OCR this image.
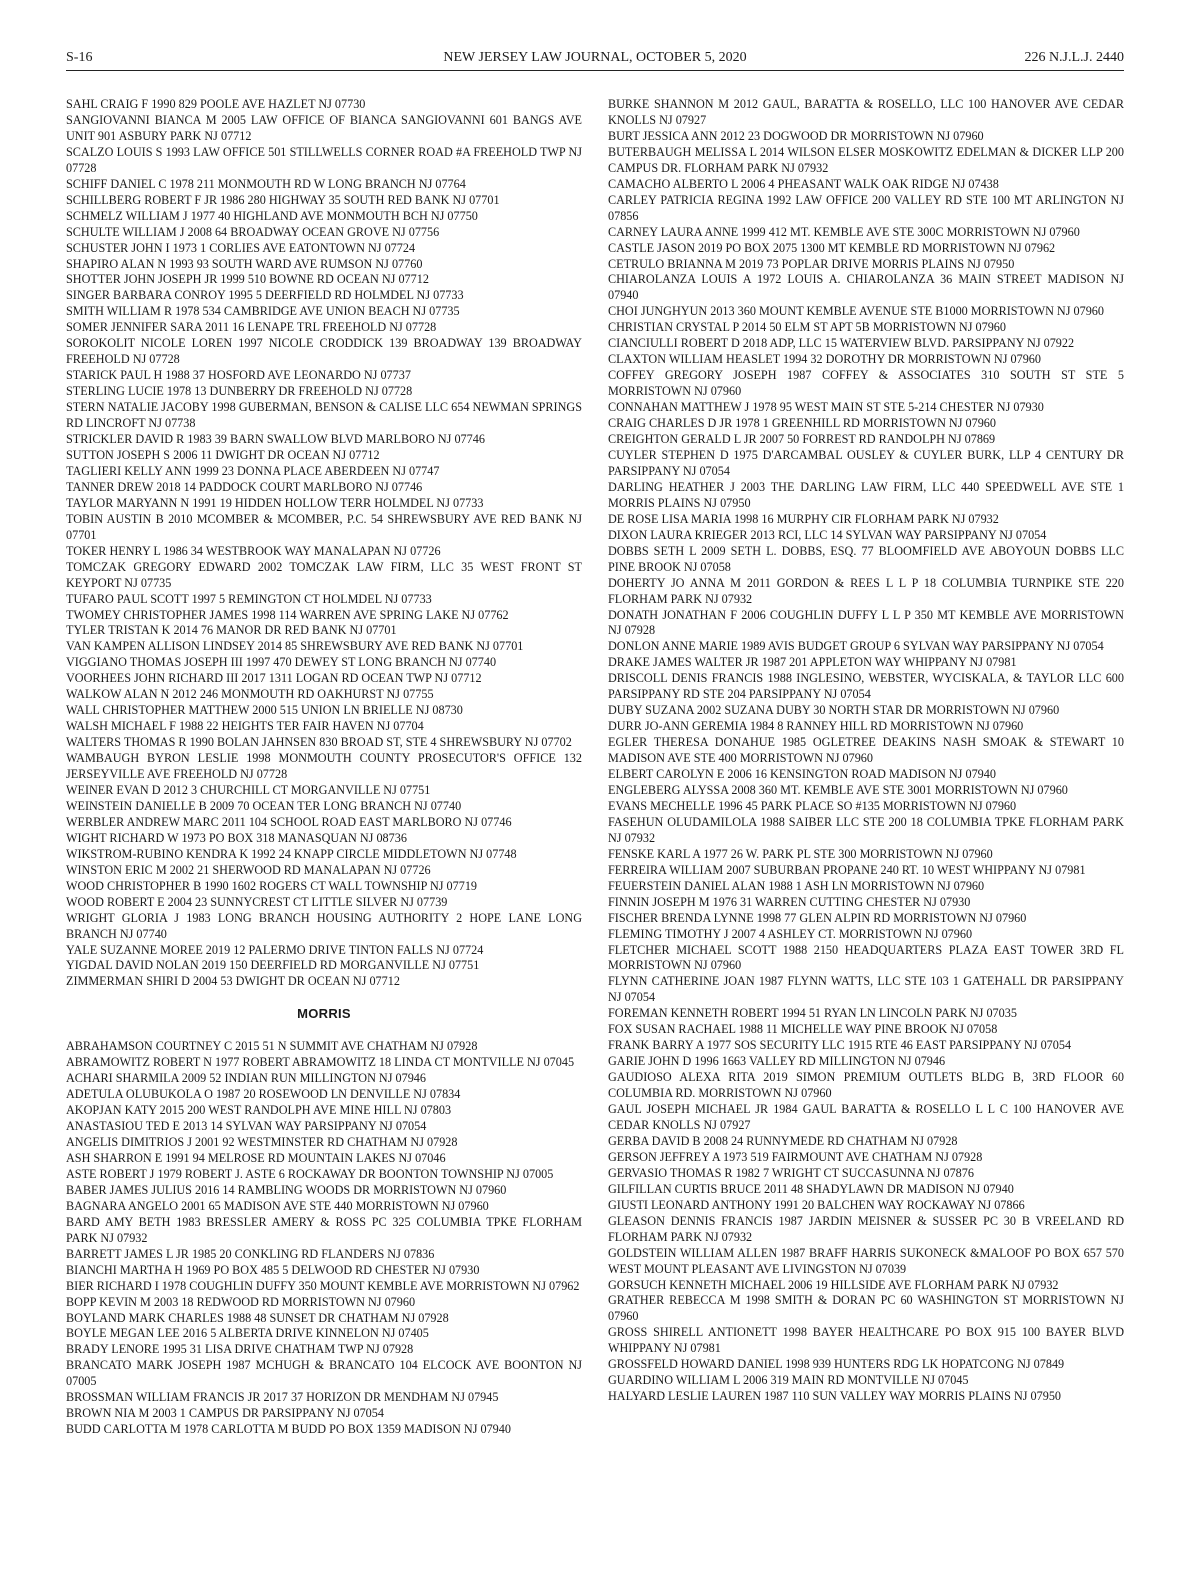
S-16	NEW JERSEY LAW JOURNAL, OCTOBER 5, 2020	226 N.J.L.J. 2440

SAHL CRAIG F 1990 829 POOLE AVE HAZLET NJ 07730

SANGIOVANNI BIANCA M 2005 LAW OFFICE OF BIANCA SANGIOVANNI 601 BANGS AVE UNIT 901 ASBURY PARK NJ 07712

SCALZO LOUIS S 1993 LAW OFFICE 501 STILLWELLS CORNER ROAD #A FREEHOLD TWP NJ 07728

SCHIFF DANIEL C 1978 211 MONMOUTH RD W LONG BRANCH NJ 07764

SCHILLBERG ROBERT F JR 1986 280 HIGHWAY 35 SOUTH RED BANK NJ 07701

SCHMELZ WILLIAM J 1977 40 HIGHLAND AVE MONMOUTH BCH NJ 07750

SCHULTE WILLIAM J 2008 64 BROADWAY OCEAN GROVE NJ 07756

SCHUSTER JOHN I 1973 1 CORLIES AVE EATONTOWN NJ 07724

SHAPIRO ALAN N 1993 93 SOUTH WARD AVE RUMSON NJ 07760

SHOTTER JOHN JOSEPH JR 1999 510 BOWNE RD OCEAN NJ 07712

SINGER BARBARA CONROY 1995 5 DEERFIELD RD HOLMDEL NJ 07733

SMITH WILLIAM R 1978 534 CAMBRIDGE AVE UNION BEACH NJ 07735

SOMER JENNIFER SARA 2011 16 LENAPE TRL FREEHOLD NJ 07728

SOROKOLIT NICOLE LOREN 1997 NICOLE CRODDICK 139 BROADWAY 139 BROADWAY FREEHOLD NJ 07728

STARICK PAUL H 1988 37 HOSFORD AVE LEONARDO NJ 07737

STERLING LUCIE 1978 13 DUNBERRY DR FREEHOLD NJ 07728

STERN NATALIE JACOBY 1998 GUBERMAN, BENSON & CALISE LLC 654 NEWMAN SPRINGS RD LINCROFT NJ 07738

STRICKLER DAVID R 1983 39 BARN SWALLOW BLVD MARLBORO NJ 07746

SUTTON JOSEPH S 2006 11 DWIGHT DR OCEAN NJ 07712

TAGLIERI KELLY ANN 1999 23 DONNA PLACE ABERDEEN NJ 07747

TANNER DREW 2018 14 PADDOCK COURT MARLBORO NJ 07746

TAYLOR MARYANN N 1991 19 HIDDEN HOLLOW TERR HOLMDEL NJ 07733

TOBIN AUSTIN B 2010 MCOMBER & MCOMBER, P.C. 54 SHREWSBURY AVE RED BANK NJ 07701

TOKER HENRY L 1986 34 WESTBROOK WAY MANALAPAN NJ 07726

TOMCZAK GREGORY EDWARD 2002 TOMCZAK LAW FIRM, LLC 35 WEST FRONT ST KEYPORT NJ 07735

TUFARO PAUL SCOTT 1997 5 REMINGTON CT HOLMDEL NJ 07733

TWOMEY CHRISTOPHER JAMES 1998 114 WARREN AVE SPRING LAKE NJ 07762

TYLER TRISTAN K 2014 76 MANOR DR RED BANK NJ 07701

VAN KAMPEN ALLISON LINDSEY 2014 85 SHREWSBURY AVE RED BANK NJ 07701

VIGGIANO THOMAS JOSEPH III 1997 470 DEWEY ST LONG BRANCH NJ 07740

VOORHEES JOHN RICHARD III 2017 1311 LOGAN RD OCEAN TWP NJ 07712

WALKOW ALAN N 2012 246 MONMOUTH RD OAKHURST NJ 07755

WALL CHRISTOPHER MATTHEW 2000 515 UNION LN BRIELLE NJ 08730

WALSH MICHAEL F 1988 22 HEIGHTS TER FAIR HAVEN NJ 07704

WALTERS THOMAS R 1990 BOLAN JAHNSEN 830 BROAD ST, STE 4 SHREWSBURY NJ 07702

WAMBAUGH BYRON LESLIE 1998 MONMOUTH COUNTY PROSECUTOR'S OFFICE 132 JERSEYVILLE AVE FREEHOLD NJ 07728

WEINER EVAN D 2012 3 CHURCHILL CT MORGANVILLE NJ 07751

WEINSTEIN DANIELLE B 2009 70 OCEAN TER LONG BRANCH NJ 07740

WERBLER ANDREW MARC 2011 104 SCHOOL ROAD EAST MARLBORO NJ 07746

WIGHT RICHARD W 1973 PO BOX 318 MANASQUAN NJ 08736

WIKSTROM-RUBINO KENDRA K 1992 24 KNAPP CIRCLE MIDDLETOWN NJ 07748

WINSTON ERIC M 2002 21 SHERWOOD RD MANALAPAN NJ 07726

WOOD CHRISTOPHER B 1990 1602 ROGERS CT WALL TOWNSHIP NJ 07719

WOOD ROBERT E 2004 23 SUNNYCREST CT LITTLE SILVER NJ 07739

WRIGHT GLORIA J 1983 LONG BRANCH HOUSING AUTHORITY 2 HOPE LANE LONG BRANCH NJ 07740

YALE SUZANNE MOREE 2019 12 PALERMO DRIVE TINTON FALLS NJ 07724

YIGDAL DAVID NOLAN 2019 150 DEERFIELD RD MORGANVILLE NJ 07751

ZIMMERMAN SHIRI D 2004 53 DWIGHT DR OCEAN NJ 07712

MORRIS

ABRAHAMSON COURTNEY C 2015 51 N SUMMIT AVE CHATHAM NJ 07928

ABRAMOWITZ ROBERT N 1977 ROBERT ABRAMOWITZ 18 LINDA CT MONTVILLE NJ 07045

ACHARI SHARMILA 2009 52 INDIAN RUN MILLINGTON NJ 07946

ADETULA OLUBUKOLA O 1987 20 ROSEWOOD LN DENVILLE NJ 07834

AKOPJAN KATY 2015 200 WEST RANDOLPH AVE MINE HILL NJ 07803

ANASTASIOU TED E 2013 14 SYLVAN WAY PARSIPPANY NJ 07054

ANGELIS DIMITRIOS J 2001 92 WESTMINSTER RD CHATHAM NJ 07928

ASH SHARRON E 1991 94 MELROSE RD MOUNTAIN LAKES NJ 07046

ASTE ROBERT J 1979 ROBERT J. ASTE 6 ROCKAWAY DR BOONTON TOWNSHIP NJ 07005

BABER JAMES JULIUS 2016 14 RAMBLING WOODS DR MORRISTOWN NJ 07960

BAGNARA ANGELO 2001 65 MADISON AVE STE 440 MORRISTOWN NJ 07960

BARD AMY BETH 1983 BRESSLER AMERY & ROSS PC 325 COLUMBIA TPKE FLORHAM PARK NJ 07932

BARRETT JAMES L JR 1985 20 CONKLING RD FLANDERS NJ 07836

BIANCHI MARTHA H 1969 PO BOX 485 5 DELWOOD RD CHESTER NJ 07930

BIER RICHARD I 1978 COUGHLIN DUFFY 350 MOUNT KEMBLE AVE MORRISTOWN NJ 07962

BOPP KEVIN M 2003 18 REDWOOD RD MORRISTOWN NJ 07960

BOYLAND MARK CHARLES 1988 48 SUNSET DR CHATHAM NJ 07928

BOYLE MEGAN LEE 2016 5 ALBERTA DRIVE KINNELON NJ 07405

BRADY LENORE 1995 31 LISA DRIVE CHATHAM TWP NJ 07928

BRANCATO MARK JOSEPH 1987 MCHUGH & BRANCATO 104 ELCOCK AVE BOONTON NJ 07005

BROSSMAN WILLIAM FRANCIS JR 2017 37 HORIZON DR MENDHAM NJ 07945

BROWN NIA M 2003 1 CAMPUS DR PARSIPPANY NJ 07054

BUDD CARLOTTA M 1978 CARLOTTA M BUDD PO BOX 1359 MADISON NJ 07940

BURKE SHANNON M 2012 GAUL, BARATTA & ROSELLO, LLC 100 HANOVER AVE CEDAR KNOLLS NJ 07927

BURT JESSICA ANN 2012 23 DOGWOOD DR MORRISTOWN NJ 07960

BUTERBAUGH MELISSA L 2014 WILSON ELSER MOSKOWITZ EDELMAN & DICKER LLP 200 CAMPUS DR. FLORHAM PARK NJ 07932

CAMACHO ALBERTO L 2006 4 PHEASANT WALK OAK RIDGE NJ 07438

CARLEY PATRICIA REGINA 1992 LAW OFFICE 200 VALLEY RD STE 100 MT ARLINGTON NJ 07856

CARNEY LAURA ANNE 1999 412 MT. KEMBLE AVE STE 300C MORRISTOWN NJ 07960

CASTLE JASON 2019 PO BOX 2075 1300 MT KEMBLE RD MORRISTOWN NJ 07962

CETRULO BRIANNA M 2019 73 POPLAR DRIVE MORRIS PLAINS NJ 07950

CHIAROLANZA LOUIS A 1972 LOUIS A. CHIAROLANZA 36 MAIN STREET MADISON NJ 07940

CHOI JUNGHYUN 2013 360 MOUNT KEMBLE AVENUE STE B1000 MORRISTOWN NJ 07960

CHRISTIAN CRYSTAL P 2014 50 ELM ST APT 5B MORRISTOWN NJ 07960

CIANCIULLI ROBERT D 2018 ADP, LLC 15 WATERVIEW BLVD. PARSIPPANY NJ 07922

CLAXTON WILLIAM HEASLET 1994 32 DOROTHY DR MORRISTOWN NJ 07960

COFFEY GREGORY JOSEPH 1987 COFFEY & ASSOCIATES 310 SOUTH ST STE 5 MORRISTOWN NJ 07960

CONNAHAN MATTHEW J 1978 95 WEST MAIN ST STE 5-214 CHESTER NJ 07930

CRAIG CHARLES D JR 1978 1 GREENHILL RD MORRISTOWN NJ 07960

CREIGHTON GERALD L JR 2007 50 FORREST RD RANDOLPH NJ 07869

CUYLER STEPHEN D 1975 D'ARCAMBAL OUSLEY & CUYLER BURK, LLP 4 CENTURY DR PARSIPPANY NJ 07054

DARLING HEATHER J 2003 THE DARLING LAW FIRM, LLC 440 SPEEDWELL AVE STE 1 MORRIS PLAINS NJ 07950

DE ROSE LISA MARIA 1998 16 MURPHY CIR FLORHAM PARK NJ 07932

DIXON LAURA KRIEGER 2013 RCI, LLC 14 SYLVAN WAY PARSIPPANY NJ 07054

DOBBS SETH L 2009 SETH L. DOBBS, ESQ. 77 BLOOMFIELD AVE ABOYOUN DOBBS LLC PINE BROOK NJ 07058

DOHERTY JO ANNA M 2011 GORDON & REES L L P 18 COLUMBIA TURNPIKE STE 220 FLORHAM PARK NJ 07932

DONATH JONATHAN F 2006 COUGHLIN DUFFY L L P 350 MT KEMBLE AVE MORRISTOWN NJ 07928

DONLON ANNE MARIE 1989 AVIS BUDGET GROUP 6 SYLVAN WAY PARSIPPANY NJ 07054

DRAKE JAMES WALTER JR 1987 201 APPLETON WAY WHIPPANY NJ 07981

DRISCOLL DENIS FRANCIS 1988 INGLESINO, WEBSTER, WYCISKALA, & TAYLOR LLC 600 PARSIPPANY RD STE 204 PARSIPPANY NJ 07054

DUBY SUZANA 2002 SUZANA DUBY 30 NORTH STAR DR MORRISTOWN NJ 07960

DURR JO-ANN GEREMIA 1984 8 RANNEY HILL RD MORRISTOWN NJ 07960

EGLER THERESA DONAHUE 1985 OGLETREE DEAKINS NASH SMOAK & STEWART 10 MADISON AVE STE 400 MORRISTOWN NJ 07960

ELBERT CAROLYN E 2006 16 KENSINGTON ROAD MADISON NJ 07940

ENGLEBERG ALYSSA 2008 360 MT. KEMBLE AVE STE 3001 MORRISTOWN NJ 07960

EVANS MECHELLE 1996 45 PARK PLACE SO #135 MORRISTOWN NJ 07960

FASEHUN OLUDAMILOLA 1988 SAIBER LLC STE 200 18 COLUMBIA TPKE FLORHAM PARK NJ 07932

FENSKE KARL A 1977 26 W. PARK PL STE 300 MORRISTOWN NJ 07960

FERREIRA WILLIAM 2007 SUBURBAN PROPANE 240 RT. 10 WEST WHIPPANY NJ 07981

FEUERSTEIN DANIEL ALAN 1988 1 ASH LN MORRISTOWN NJ 07960

FINNIN JOSEPH M 1976 31 WARREN CUTTING CHESTER NJ 07930

FISCHER BRENDA LYNNE 1998 77 GLEN ALPIN RD MORRISTOWN NJ 07960

FLEMING TIMOTHY J 2007 4 ASHLEY CT. MORRISTOWN NJ 07960

FLETCHER MICHAEL SCOTT 1988 2150 HEADQUARTERS PLAZA EAST TOWER 3RD FL MORRISTOWN NJ 07960

FLYNN CATHERINE JOAN 1987 FLYNN WATTS, LLC STE 103 1 GATEHALL DR PARSIPPANY NJ 07054

FOREMAN KENNETH ROBERT 1994 51 RYAN LN LINCOLN PARK NJ 07035

FOX SUSAN RACHAEL 1988 11 MICHELLE WAY PINE BROOK NJ 07058

FRANK BARRY A 1977 SOS SECURITY LLC 1915 RTE 46 EAST PARSIPPANY NJ 07054

GARIE JOHN D 1996 1663 VALLEY RD MILLINGTON NJ 07946

GAUDIOSO ALEXA RITA 2019 SIMON PREMIUM OUTLETS BLDG B, 3RD FLOOR 60 COLUMBIA RD. MORRISTOWN NJ 07960

GAUL JOSEPH MICHAEL JR 1984 GAUL BARATTA & ROSELLO L L C 100 HANOVER AVE CEDAR KNOLLS NJ 07927

GERBA DAVID B 2008 24 RUNNYMEDE RD CHATHAM NJ 07928

GERSON JEFFREY A 1973 519 FAIRMOUNT AVE CHATHAM NJ 07928

GERVASIO THOMAS R 1982 7 WRIGHT CT SUCCASUNNA NJ 07876

GILFILLAN CURTIS BRUCE 2011 48 SHADYLAWN DR MADISON NJ 07940

GIUSTI LEONARD ANTHONY 1991 20 BALCHEN WAY ROCKAWAY NJ 07866

GLEASON DENNIS FRANCIS 1987 JARDIN MEISNER & SUSSER PC 30 B VREELAND RD FLORHAM PARK NJ 07932

GOLDSTEIN WILLIAM ALLEN 1987 BRAFF HARRIS SUKONECK &MALOOF PO BOX 657 570 WEST MOUNT PLEASANT AVE LIVINGSTON NJ 07039

GORSUCH KENNETH MICHAEL 2006 19 HILLSIDE AVE FLORHAM PARK NJ 07932

GRATHER REBECCA M 1998 SMITH & DORAN PC 60 WASHINGTON ST MORRISTOWN NJ 07960

GROSS SHIRELL ANTIONETT 1998 BAYER HEALTHCARE PO BOX 915 100 BAYER BLVD WHIPPANY NJ 07981

GROSSFELD HOWARD DANIEL 1998 939 HUNTERS RDG LK HOPATCONG NJ 07849

GUARDINO WILLIAM L 2006 319 MAIN RD MONTVILLE NJ 07045

HALYARD LESLIE LAUREN 1987 110 SUN VALLEY WAY MORRIS PLAINS NJ 07950
